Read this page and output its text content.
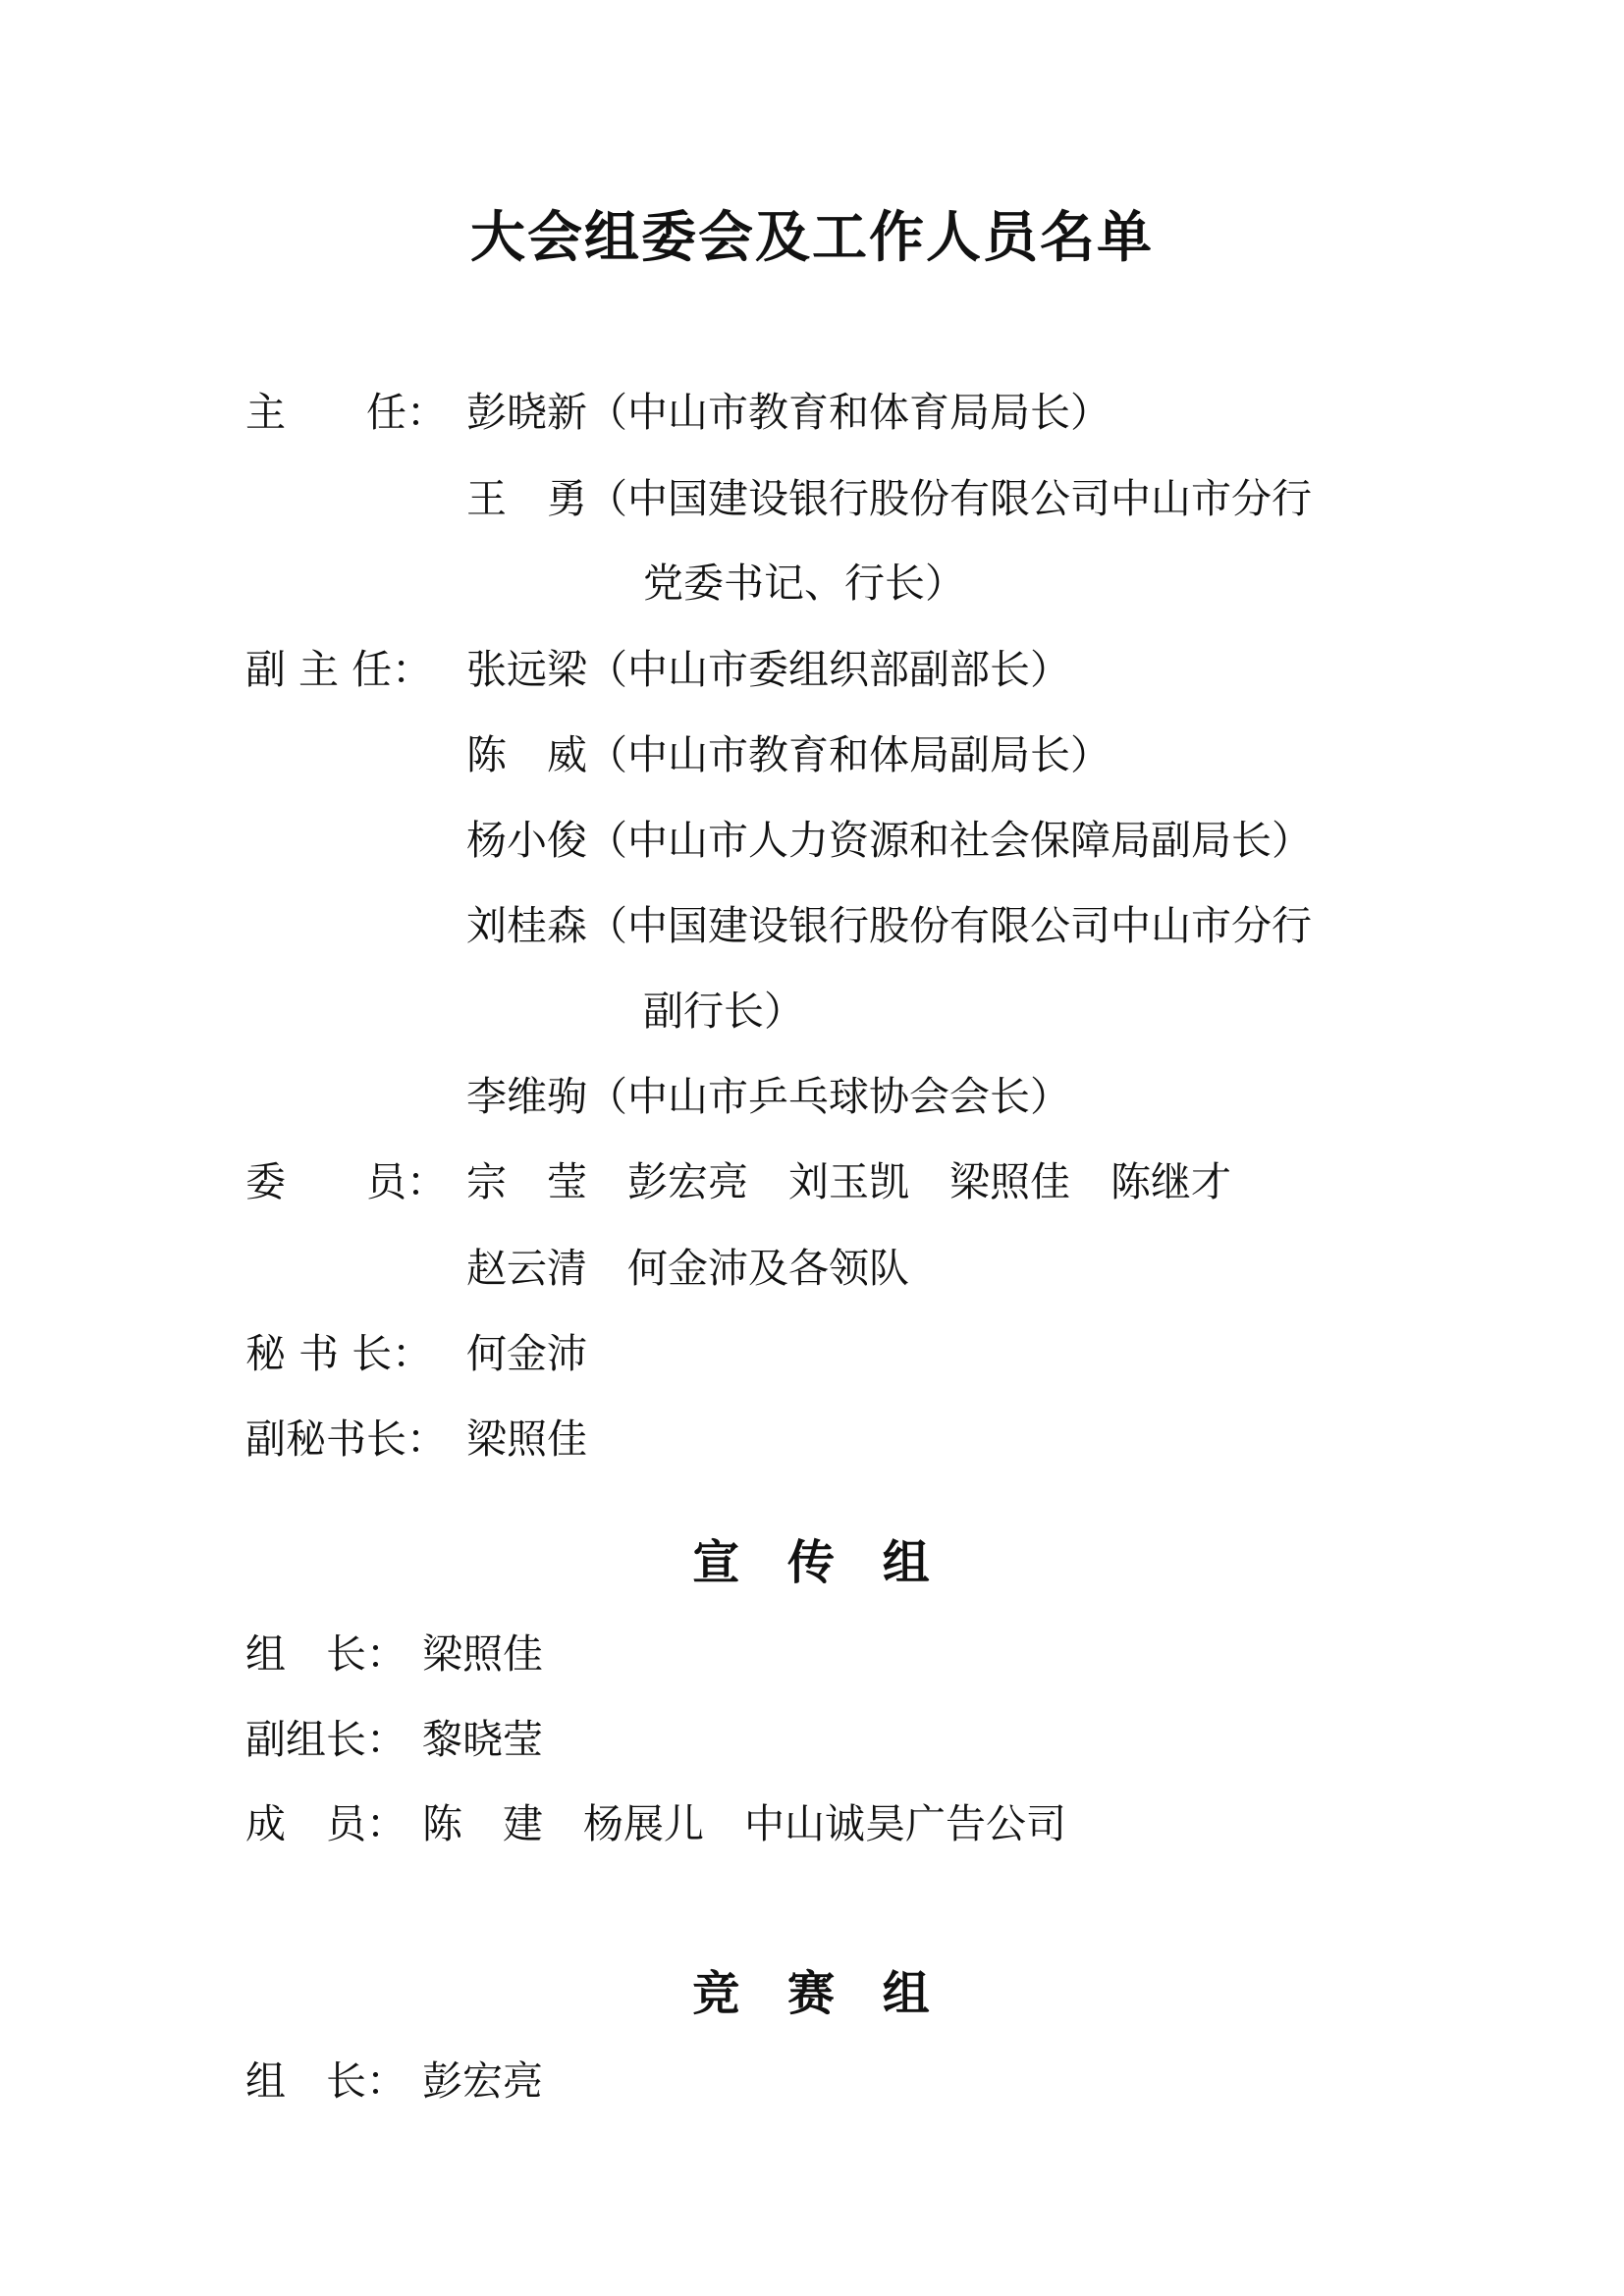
大会组委会及工作人员名单
主　　任： 彭晓新（中山市教育和体育局局长）
王　勇（中国建设银行股份有限公司中山市分行
党委书记、行长）
副 主 任： 张远梁（中山市委组织部副部长）
陈　威（中山市教育和体局副局长）
杨小俊（中山市人力资源和社会保障局副局长）
刘桂森（中国建设银行股份有限公司中山市分行
副行长）
李维驹（中山市乒乓球协会会长）
委　　员： 宗　莹　彭宏亮　刘玉凯　梁照佳　陈继才
赵云清　何金沛及各领队
秘 书 长： 何金沛
副秘书长： 梁照佳
宣 传 组
组　长： 梁照佳
副组长： 黎晓莹
成　员： 陈　建　杨展儿　中山诚昊广告公司
竞 赛 组
组　长： 彭宏亮
